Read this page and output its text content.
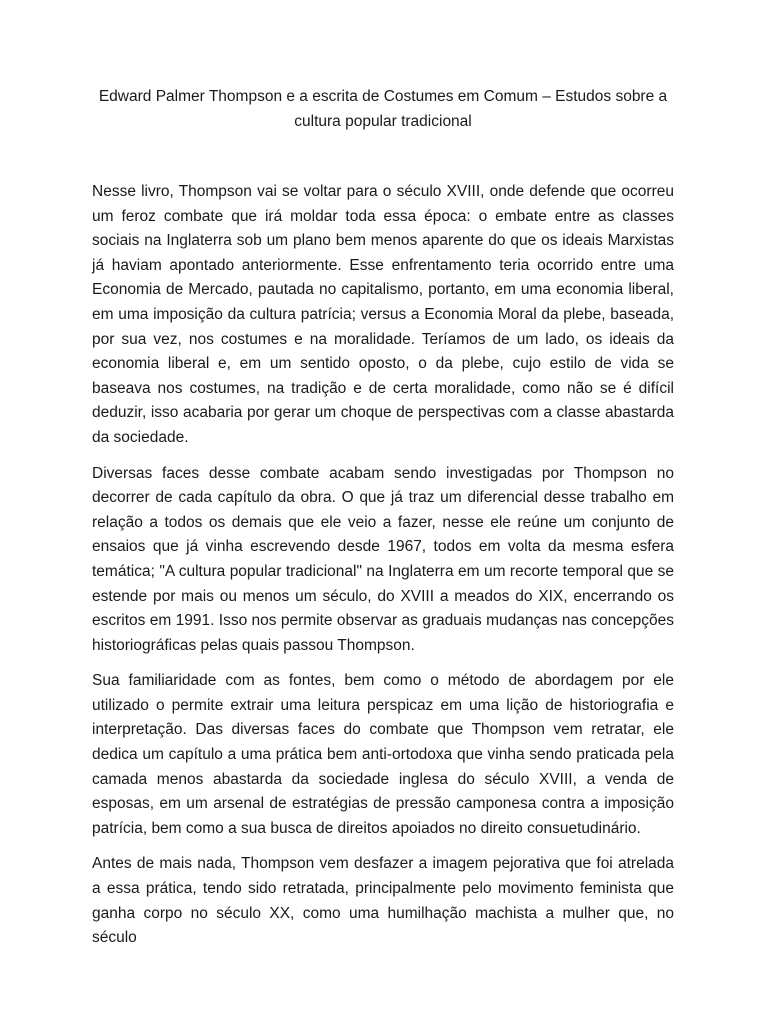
Edward Palmer Thompson e a escrita de Costumes em Comum – Estudos sobre a
cultura popular tradicional

Nesse livro, Thompson vai se voltar para o século XVIII, onde defende que ocorreu um feroz combate que irá moldar toda essa época: o embate entre as classes sociais na Inglaterra sob um plano bem menos aparente do que os ideais Marxistas já haviam apontado anteriormente. Esse enfrentamento teria ocorrido entre uma Economia de Mercado, pautada no capitalismo, portanto, em uma economia liberal, em uma imposição da cultura patrícia; versus a Economia Moral da plebe, baseada, por sua vez, nos costumes e na moralidade. Teríamos de um lado, os ideais da economia liberal e, em um sentido oposto, o da plebe, cujo estilo de vida se baseava nos costumes, na tradição e de certa moralidade, como não se é difícil deduzir, isso acabaria por gerar um choque de perspectivas com a classe abastarda da sociedade.

Diversas faces desse combate acabam sendo investigadas por Thompson no decorrer de cada capítulo da obra. O que já traz um diferencial desse trabalho em relação a todos os demais que ele veio a fazer, nesse ele reúne um conjunto de ensaios que já vinha escrevendo desde 1967, todos em volta da mesma esfera temática; "A cultura popular tradicional" na Inglaterra em um recorte temporal que se estende por mais ou menos um século, do XVIII a meados do XIX, encerrando os escritos em 1991. Isso nos permite observar as graduais mudanças nas concepções historiográficas pelas quais passou Thompson.

Sua familiaridade com as fontes, bem como o método de abordagem por ele utilizado o permite extrair uma leitura perspicaz em uma lição de historiografia e interpretação. Das diversas faces do combate que Thompson vem retratar, ele dedica um capítulo a uma prática bem anti-ortodoxa que vinha sendo praticada pela camada menos abastarda da sociedade inglesa do século XVIII, a venda de esposas, em um arsenal de estratégias de pressão camponesa contra a imposição patrícia, bem como a sua busca de direitos apoiados no direito consuetudinário.

Antes de mais nada, Thompson vem desfazer a imagem pejorativa que foi atrelada a essa prática, tendo sido retratada, principalmente pelo movimento feminista que ganha corpo no século XX, como uma humilhação machista a mulher que, no século
